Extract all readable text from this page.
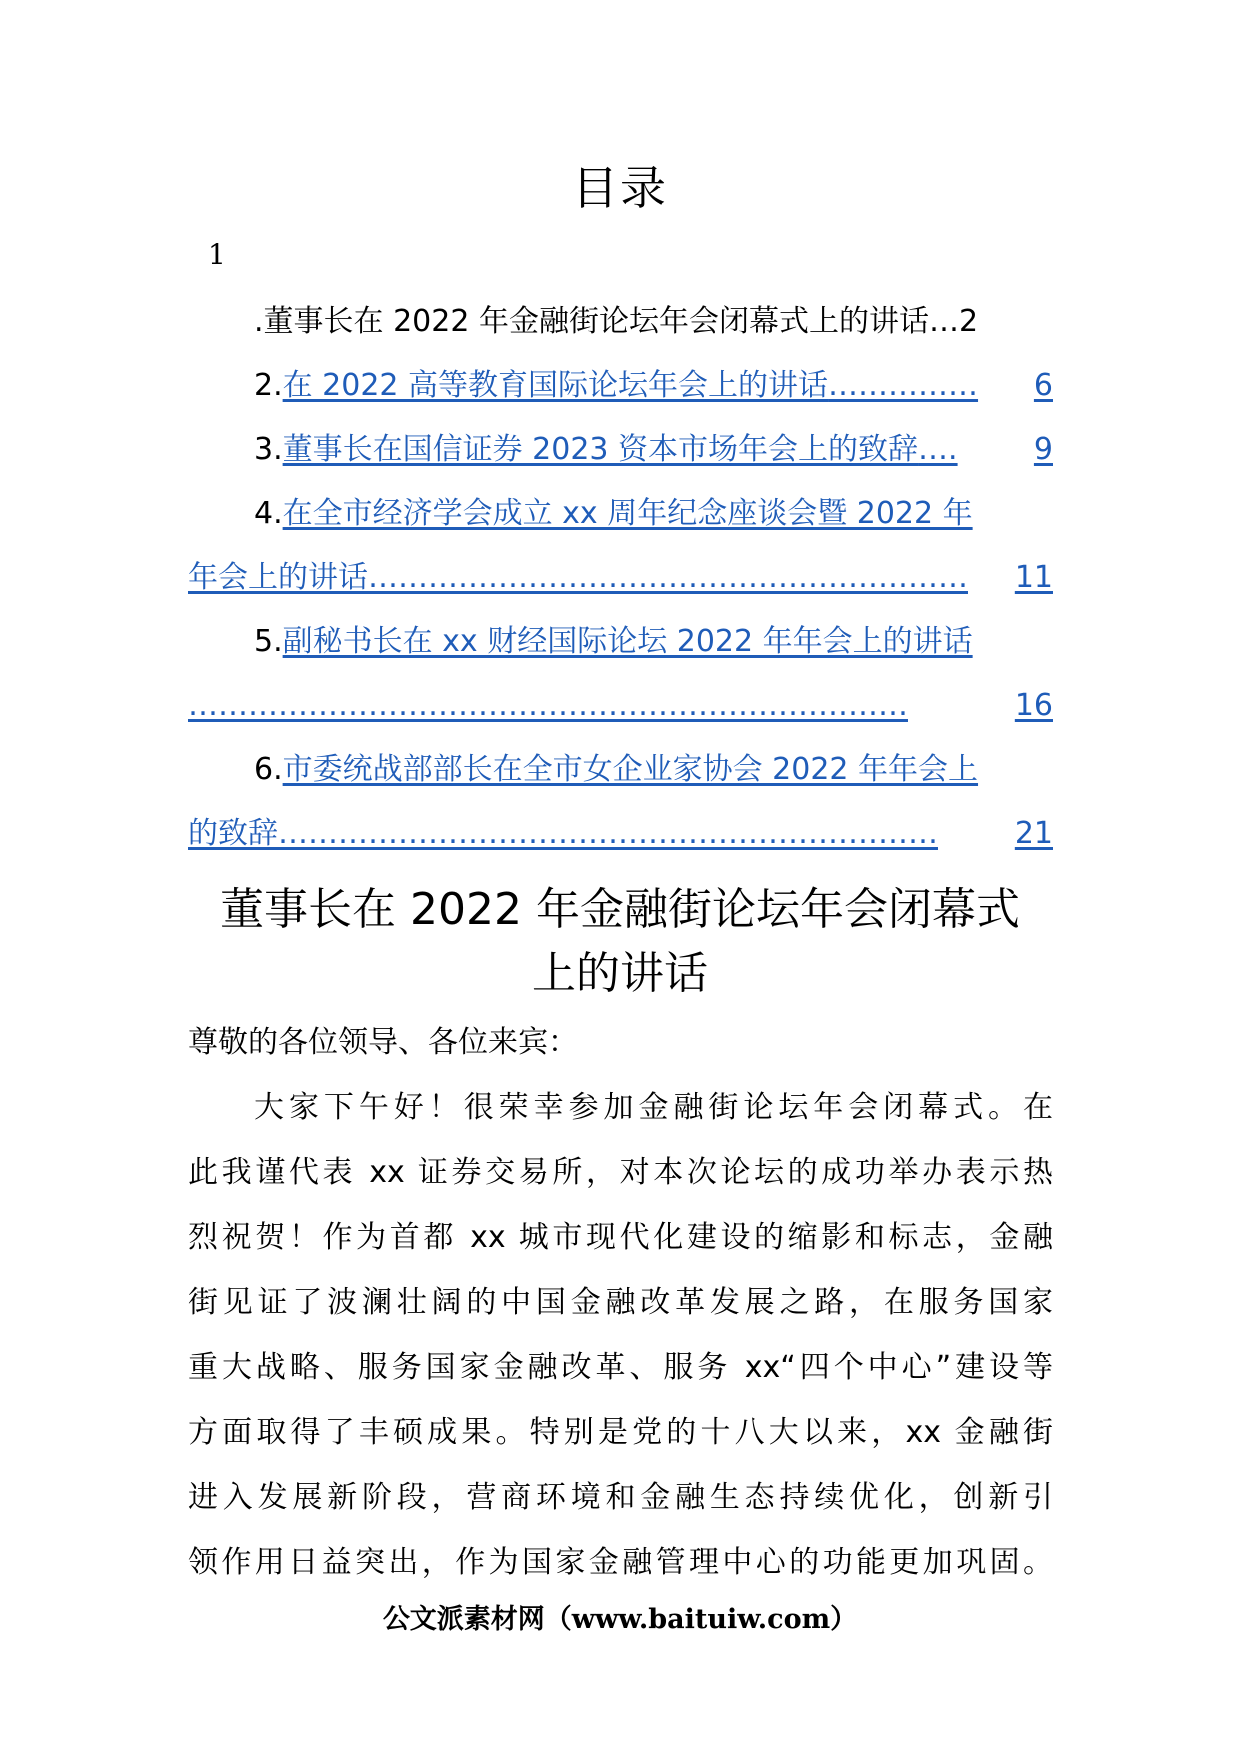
目录
1
.董事长在 2022 年金融街论坛年会闭幕式上的讲话…2
2.在 2022 高等教育国际论坛年会上的讲话…………… 6
3.董事长在国信证券 2023 资本市场年会上的致辞….	9
4.在全市经济学会成立 xx 周年纪念座谈会暨 2022 年
年会上的讲话…………………………………………………… 11
5.副秘书长在 xx 财经国际论坛 2022 年年会上的讲话
………………………………………………………………	16
6.市委统战部部长在全市女企业家协会 2022 年年会上
的致辞…………………………………………………………	21
董事长在 2022 年金融街论坛年会闭幕式
上的讲话
尊敬的各位领导、各位来宾：
大家下午好！很荣幸参加金融街论坛年会闭幕式。在
此我谨代表 xx 证券交易所，对本次论坛的成功举办表示热
烈祝贺！作为首都 xx 城市现代化建设的缩影和标志，金融
街见证了波澜壮阔的中国金融改革发展之路，在服务国家
重大战略、服务国家金融改革、服务 xx“四个中心”建设等
方面取得了丰硕成果。特别是党的十八大以来，xx 金融街
进入发展新阶段，营商环境和金融生态持续优化，创新引
领作用日益突出，作为国家金融管理中心的功能更加巩固。
公文派素材网（www.baituiw.com）
